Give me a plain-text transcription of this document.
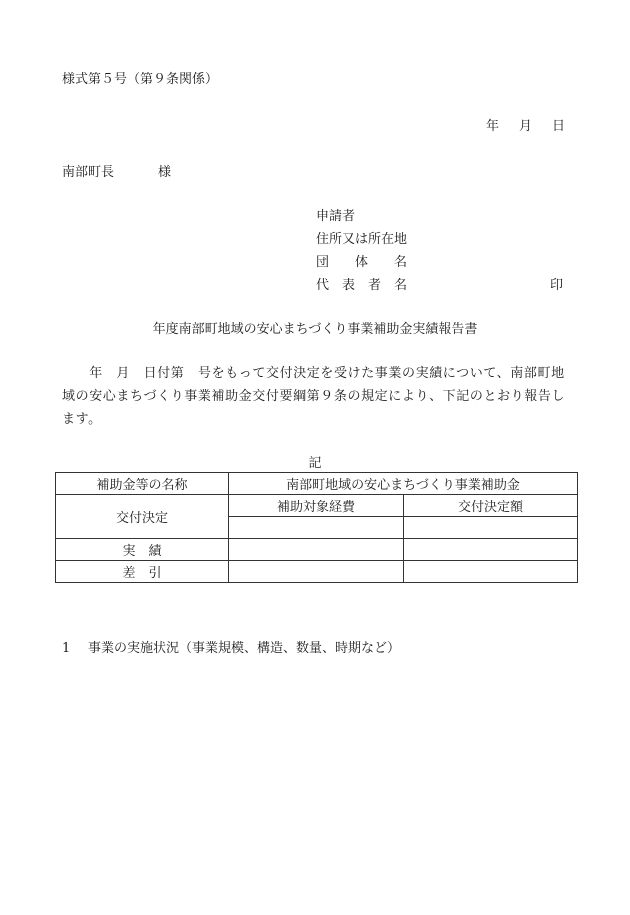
様式第５号（第９条関係）
年 月 日
南部町長	様
申請者
住所又は所在地
団　　体　　名
代　表　者　名	印
年度南部町地域の安心まちづくり事業補助金実績報告書
　　年　月　日付第　号をもって交付決定を受けた事業の実績について、南部町地域の安心まちづくり事業補助金交付要綱第９条の規定により、下記のとおり報告します。
記
補助金等の名称	南部町地域の安心まちづくり事業補助金	
交付決定	補助対象経費	交付決定額

実　績		
差　引		
1 事業の実施状況（事業規模、構造、数量、時期など）
